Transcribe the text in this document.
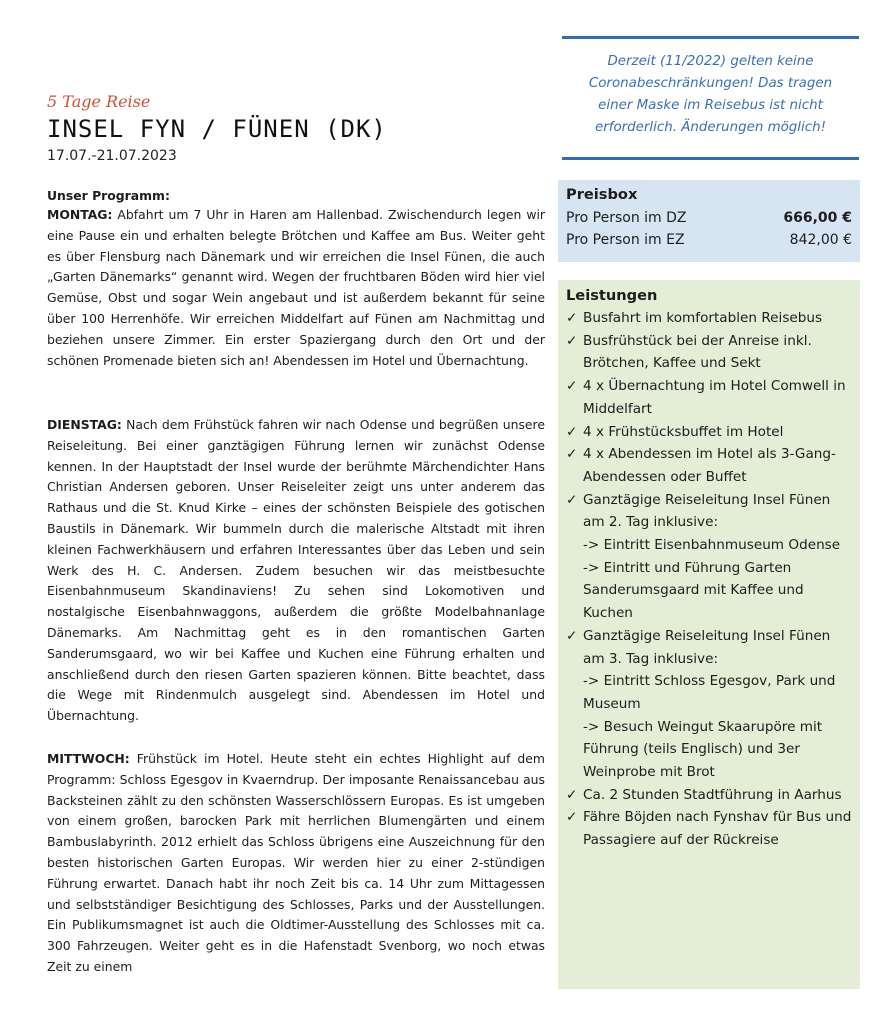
5 Tage Reise
INSEL FYN / FÜNEN (DK)
17.07.-21.07.2023
Unser Programm:

MONTAG: Abfahrt um 7 Uhr in Haren am Hallenbad. Zwischendurch legen wir eine Pause ein und erhalten belegte Brötchen und Kaffee am Bus. Weiter geht es über Flensburg nach Dänemark und wir erreichen die Insel Fünen, die auch „Garten Dänemarks“ genannt wird. Wegen der fruchtbaren Böden wird hier viel Gemüse, Obst und sogar Wein angebaut und ist außerdem bekannt für seine über 100 Herrenhöfe. Wir erreichen Middelfart auf Fünen am Nachmittag und beziehen unsere Zimmer. Ein erster Spaziergang durch den Ort und der schönen Promenade bieten sich an! Abendessen im Hotel und Übernachtung.

DIENSTAG: Nach dem Frühstück fahren wir nach Odense und begrüßen unsere Reiseleitung. Bei einer ganztägigen Führung lernen wir zunächst Odense kennen. In der Hauptstadt der Insel wurde der berühmte Märchendichter Hans Christian Andersen geboren. Unser Reiseleiter zeigt uns unter anderem das Rathaus und die St. Knud Kirke – eines der schönsten Beispiele des gotischen Baustils in Dänemark. Wir bummeln durch die malerische Altstadt mit ihren kleinen Fachwerkhäusern und erfahren Interessantes über das Leben und sein Werk des H. C. Andersen. Zudem besuchen wir das meistbesuchte Eisenbahnmuseum Skandinaviens! Zu sehen sind Lokomotiven und nostalgische Eisenbahnwaggons, außerdem die größte Modelbahnanlage Dänemarks. Am Nachmittag geht es in den romantischen Garten Sanderumsgaard, wo wir bei Kaffee und Kuchen eine Führung erhalten und anschließend durch den riesen Garten spazieren können. Bitte beachtet, dass die Wege mit Rindenmulch ausgelegt sind. Abendessen im Hotel und Übernachtung.

MITTWOCH: Frühstück im Hotel. Heute steht ein echtes Highlight auf dem Programm: Schloss Egesgov in Kvaerndrup. Der imposante Renaissancebau aus Backsteinen zählt zu den schönsten Wasserschlössern Europas. Es ist umgeben von einem großen, barocken Park mit herrlichen Blumengärten und einem Bambuslabyrinth. 2012 erhielt das Schloss übrigens eine Auszeichnung für den besten historischen Garten Europas. Wir werden hier zu einer 2-stündigen Führung erwartet. Danach habt ihr noch Zeit bis ca. 14 Uhr zum Mittagessen und selbstständiger Besichtigung des Schlosses, Parks und der Ausstellungen. Ein Publikumsmagnet ist auch die Oldtimer-Ausstellung des Schlosses mit ca. 300 Fahrzeugen. Weiter geht es in die Hafenstadt Svenborg, wo noch etwas Zeit zu einem

Derzeit (11/2022) gelten keine Coronabeschränkungen! Das tragen einer Maske im Reisebus ist nicht erforderlich. Änderungen möglich!
Preisbox
Pro Person im DZ	666,00 €
Pro Person im EZ	842,00 €
Leistungen
✓ Busfahrt im komfortablen Reisebus
✓ Busfrühstück bei der Anreise inkl. Brötchen, Kaffee und Sekt
✓ 4 x Übernachtung im Hotel Comwell in Middelfart
✓ 4 x Frühstücksbuffet im Hotel
✓ 4 x Abendessen im Hotel als 3-Gang-Abendessen oder Buffet
✓ Ganztägige Reiseleitung Insel Fünen am 2. Tag inklusive:
-> Eintritt Eisenbahnmuseum Odense
-> Eintritt und Führung Garten Sanderumsgaard mit Kaffee und Kuchen
✓ Ganztägige Reiseleitung Insel Fünen am 3. Tag inklusive:
-> Eintritt Schloss Egesgov, Park und Museum
-> Besuch Weingut Skaarupöre mit Führung (teils Englisch) und 3er Weinprobe mit Brot
✓ Ca. 2 Stunden Stadtführung in Aarhus
✓ Fähre Böjden nach Fynshav für Bus und Passagiere auf der Rückreise
